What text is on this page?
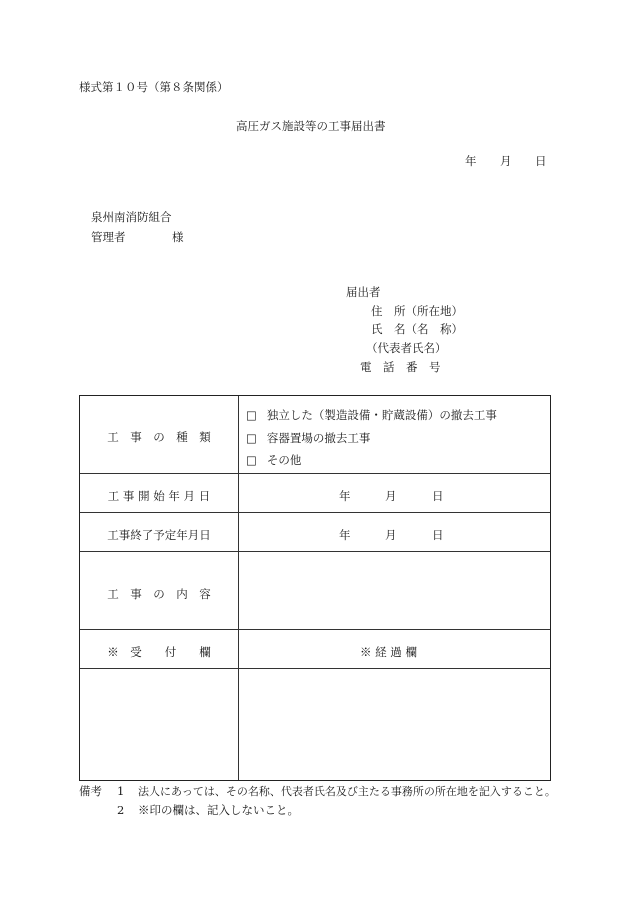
様式第１０号（第８条関係）
高圧ガス施設等の工事届出書
年 月 日
泉州南消防組合
管理者	様
届出者
住　所（所在地）
氏　名（名　称）
（代表者氏名）
電　話　番　号
工　事　の　種　類
□ 独立した（製造設備・貯蔵設備）の撤去工事
□ 容器置場の撤去工事
□ その他
工 事 開 始 年 月 日	年	月	日
工事終了予定年月日	年	月	日
工　事　の　内　容
※　受　　付　　欄	※ 経 過 欄
備考 1 法人にあっては、その名称、代表者氏名及び主たる事務所の所在地を記入すること。
2 ※印の欄は、記入しないこと。
